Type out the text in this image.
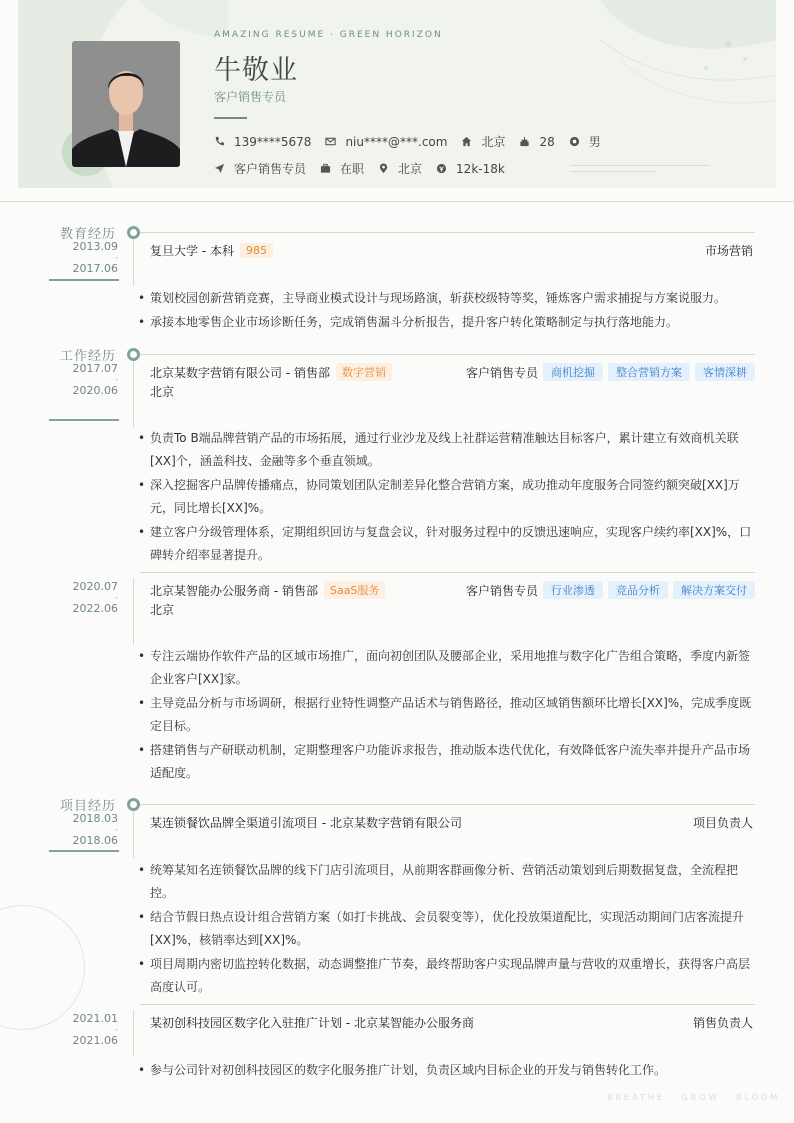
AMAZING RESUME · GREEN HORIZON
牛敬业
客户销售专员
139****5678	niu****@***.com	北京	28	男
客户销售专员	在职	北京	12k-18k
教育经历
2013.09
-
2017.06
复旦大学 - 本科	985	市场营销
• 策划校园创新营销竞赛，主导商业模式设计与现场路演，斩获校级特等奖，锤炼客户需求捕捉与方案说服力。
• 承接本地零售企业市场诊断任务，完成销售漏斗分析报告，提升客户转化策略制定与执行落地能力。
工作经历
2017.07
-
2020.06
北京某数字营销有限公司 - 销售部	数字营销	客户销售专员	商机挖掘	整合营销方案	客情深耕
北京
• 负责To B端品牌营销产品的市场拓展，通过行业沙龙及线上社群运营精准触达目标客户，累计建立有效商机关联[XX]个，涵盖科技、金融等多个垂直领域。
• 深入挖掘客户品牌传播痛点，协同策划团队定制差异化整合营销方案，成功推动年度服务合同签约额突破[XX]万元，同比增长[XX]%。
• 建立客户分级管理体系，定期组织回访与复盘会议，针对服务过程中的反馈迅速响应，实现客户续约率[XX]%，口碑转介绍率显著提升。
2020.07
-
2022.06
北京某智能办公服务商 - 销售部	SaaS服务	客户销售专员	行业渗透	竞品分析	解决方案交付
北京
• 专注云端协作软件产品的区域市场推广，面向初创团队及腰部企业，采用地推与数字化广告组合策略，季度内新签企业客户[XX]家。
• 主导竞品分析与市场调研，根据行业特性调整产品话术与销售路径，推动区域销售额环比增长[XX]%，完成季度既定目标。
• 搭建销售与产研联动机制，定期整理客户功能诉求报告，推动版本迭代优化，有效降低客户流失率并提升产品市场适配度。
项目经历
2018.03
-
2018.06
某连锁餐饮品牌全渠道引流项目 - 北京某数字营销有限公司	项目负责人
• 统筹某知名连锁餐饮品牌的线下门店引流项目，从前期客群画像分析、营销活动策划到后期数据复盘，全流程把控。
• 结合节假日热点设计组合营销方案（如打卡挑战、会员裂变等），优化投放渠道配比，实现活动期间门店客流提升[XX]%，核销率达到[XX]%。
• 项目周期内密切监控转化数据，动态调整推广节奏，最终帮助客户实现品牌声量与营收的双重增长，获得客户高层高度认可。
2021.01
-
2021.06
某初创科技园区数字化入驻推广计划 - 北京某智能办公服务商	销售负责人
• 参与公司针对初创科技园区的数字化服务推广计划，负责区域内目标企业的开发与销售转化工作。
BREATHE · GROW · BLOOM
